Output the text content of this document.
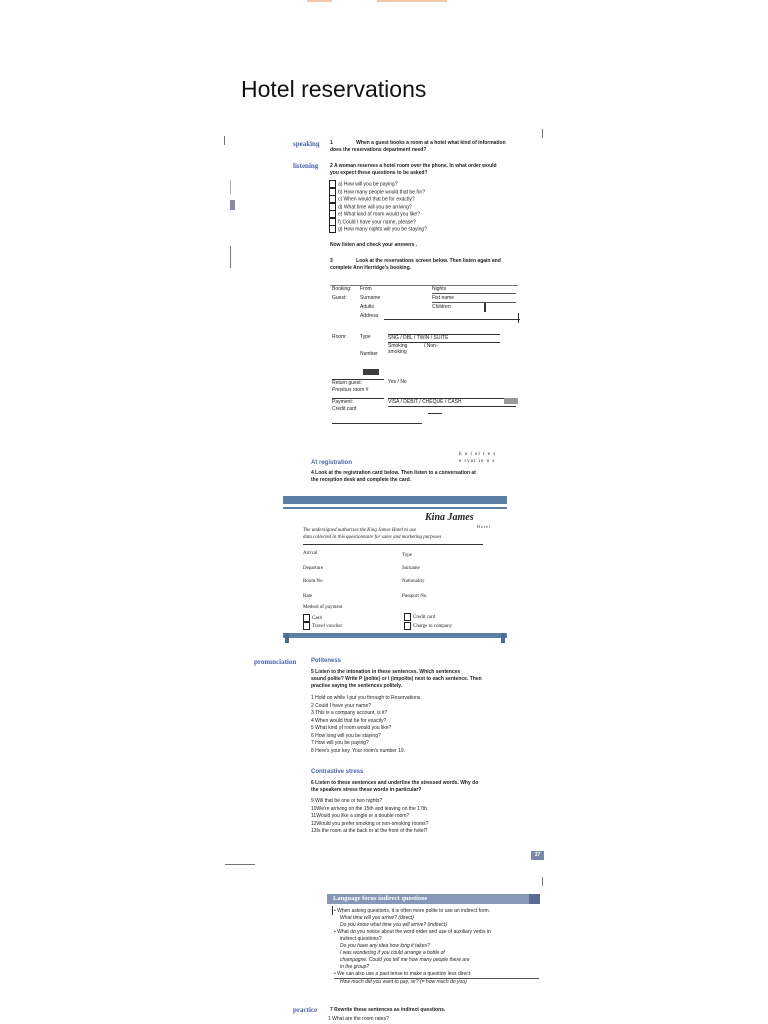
Hotel reservations
speaking 1	When a guest books a room at a hotel what kind of information
does the reservations department need?
listening 2 A woman reserves a hotel room over the phone. In what order would
you expect these questions to be asked?
a) How will you be paying?
b) How many people would that be for?
c) When would that be for exactly?
d) What time will you be arriving?
e) What kind of room would you like?
f) Could I have your name, please?
g) How many nights will you be staying?
Now listen and check your answers .
3	Look at the reservations screen below. Then listen again and
complete Ann Herridge's booking.
Booking: From	Nights
Guest:	Surname	Fist name
Adults	Children
Address
Room:	Type	SNG / DBL / TWIN / SUITE
Smoking	/ Non-
smoking
Number
Return guest:	Yes / No
Previous room #
Payment:	VISA / DEBIT / CHEQUE / CASH
Credit card
h o t el r e s
e rvat io n s
At registration
4 Look at the registration card below. Then listen to a conversation at
the reception desk and complete the card.
Kina James
Hotel
The undersigned authorizes the King James Hotel to use
data collected in this questionnaire for sales and marketing purposes
Arrival	Type
Departure	Surname
Room No	Nationality
Rate	Passport No.
Method of payment
Cash
Travel voucher
Credit card
Charge to company
pronunciation Politeness
5 Listen to the intonation in these sentences. Which sentences
sound polite? Write P (polite) or I (impolite) next to each sentence. Then
practise saying the sentences politely.
1 Hold on while I put you through to Reservations.
2 Could I have your name?
3 This is a company account, is it?
4 When would that be for exactly?
5 What kind of room would you like?
6 How long will you be staying?
7 How will you be paying?
8 Here's your key. Your room's number 19.
Contrastive stress
6 Listen to these sentences and underline the stressed words. Why do
the speakers stress these words in particular?
9 Will that be one or two nights?
10We're arriving on the 15th and leaving on the 17th.
11Would you like a single or a double room?
12Would you prefer smoking or non-smoking rooms?
13Is the room at the back or at the front of the hotel?
37
Language focus indirect questions
• When asking questions, it is often more polite to use an indirect form.
What time will you arrive? (direct)
Do you know what time you will arrive? (indirect)
• What do you notice about the word order and use of auxiliary verbs in
indirect questions?
Do you have any idea how long it takes?
I was wondering if you could arrange a bottle of
champagne. Could you tell me how many people there are
in the group?
• We can also use a past tense to make a question less direct:
How much did you want to pay, sir? (= how much do you)
practice	7 Rewrite these sentences as indirect questions.
1 What are the room rates?
